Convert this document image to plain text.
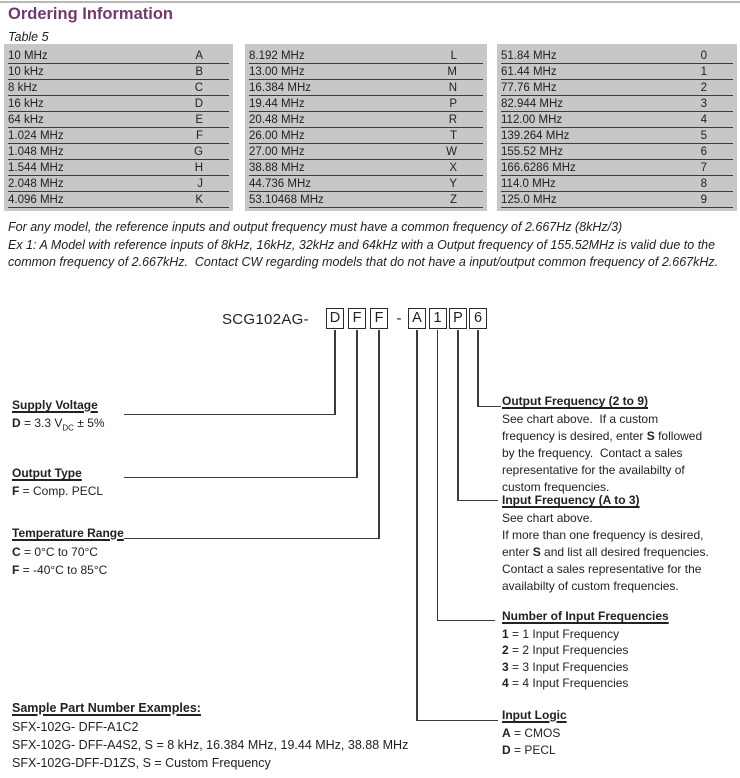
Ordering Information
Table 5
10 MHz	A
10 kHz	B
8 kHz	C
16 kHz	D
64 kHz	E
1.024 MHz	F
1.048 MHz	G
1.544 MHz	H
2.048 MHz	J
4.096 MHz	K
8.192 MHz	L
13.00 MHz	M
16.384 MHz	N
19.44 MHz	P
20.48 MHz	R
26.00 MHz	T
27.00 MHz	W
38.88 MHz	X
44.736 MHz	Y
53.10468 MHz	Z
51.84 MHz	0
61.44 MHz	1
77.76 MHz	2
82.944 MHz	3
112.00 MHz	4
139.264 MHz	5
155.52 MHz	6
166.6286 MHz	7
114.0 MHz	8
125.0 MHz	9
For any model, the reference inputs and output frequency must have a common frequency of 2.667Hz (8kHz/3)
Ex 1: A Model with reference inputs of 8kHz, 16kHz, 32kHz and 64kHz with a Output frequency of 155.52MHz is valid due to the
common frequency of 2.667kHz.  Contact CW regarding models that do not have a input/output common frequency of 2.667kHz.
SCG102AG- D F F - A 1 P 6
Supply Voltage
D = 3.3 $V_{DC} \pm 5\%$
Output Type
F = Comp. PECL
Temperature Range
C = 0°C to 70°C
F = -40°C to 85°C
Sample Part Number Examples:
SFX-102G- DFF-A1C2
SFX-102G- DFF-A4S2, S = 8 kHz, 16.384 MHz, 19.44 MHz, 38.88 MHz
SFX-102G-DFF-D1ZS, S = Custom Frequency
Output Frequency (2 to 9)
See chart above.  If a custom
frequency is desired, enter S followed
by the frequency.  Contact a sales
representative for the availabilty of
custom frequencies.
Input Frequency (A to 3)
See chart above.
If more than one frequency is desired,
enter S and list all desired frequencies.
Contact a sales representative for the
availabilty of custom frequencies.
Number of Input Frequencies
1 = 1 Input Frequency
2 = 2 Input Frequencies
3 = 3 Input Frequencies
4 = 4 Input Frequencies
Input Logic
A = CMOS
D = PECL
